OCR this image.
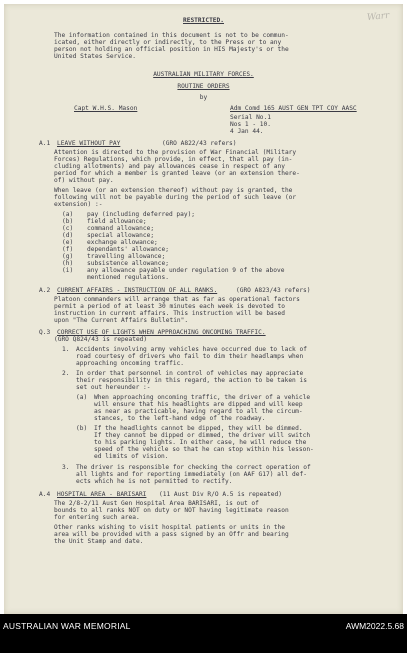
Warr
RESTRICTED.
The information contained in this document is not to be commun-
icated, either directly or indirectly, to the Press or to any
person not holding an official position in HIS Majesty's or the
United States Service.
AUSTRALIAN MILITARY FORCES.
ROUTINE ORDERS
by
Capt W.H.S. Mason	Adm Comd 165 AUST GEN TPT COY AASC
Serial No.1
Nos 1 - 10.
4 Jan 44.
A.1 LEAVE WITHOUT PAY	(GRO A822/43 refers)
Attention is directed to the provision of War Financial (Military
Forces) Regulations, which provide, in effect, that all pay (in-
cluding allotments) and pay allowances cease in respect of any
period for which a member is granted leave (or an extension there-
of) without pay.
When leave (or an extension thereof) without pay is granted, the
following will not be payable during the period of such leave (or
extension) :-
(a) pay (including deferred pay);
(b) field allowance;
(c) command allowance;
(d) special allowance;
(e) exchange allowance;
(f) dependants' allowance;
(g) travelling allowance;
(h) subsistence allowance;
(i) any allowance payable under regulation 9 of the above
mentioned regulations.
A.2 CURRENT AFFAIRS - INSTRUCTION OF ALL RANKS.	(GRO A823/43 refers)
Platoon commanders will arrange that as far as operational factors
permit a period of at least 30 minutes each week is devoted to
instruction in current affairs. This instruction will be based
upon "The Current Affairs Bulletin".
Q.3 CORRECT USE OF LIGHTS WHEN APPROACHING ONCOMING TRAFFIC.
(GRO Q824/43 is repeated)
1. Accidents involving army vehicles have occurred due to lack of
road courtesy of drivers who fail to dim their headlamps when
approaching oncoming traffic.
2. In order that personnel in control of vehicles may appreciate
their responsibility in this regard, the action to be taken is
set out hereunder :-
(a) When approaching oncoming traffic, the driver of a vehicle
will ensure that his headlights are dipped and will keep
as near as practicable, having regard to all the circum-
stances, to the left-hand edge of the roadway.
(b) If the headlights cannot be dipped, they will be dimmed.
If they cannot be dipped or dimmed, the driver will switch
to his parking lights. In either case, he will reduce the
speed of the vehicle so that he can stop within his lesson-
ed limits of vision.
3. The driver is responsible for checking the correct operation of
all lights and for reporting immediately (on AAF G17) all def-
ects which he is not permitted to rectify.
A.4 HOSPITAL AREA - BARISARI (11 Aust Div R/O A.5 is repeated)
The 2/8-2/11 Aust Gen Hospital Area BARISARI, is out of
bounds to all ranks NOT on duty or NOT having legitimate reason
for entering such area.
Other ranks wishing to visit hospital patients or units in the
area will be provided with a pass signed by an Offr and bearing
the Unit Stamp and date.
AUSTRALIAN WAR MEMORIAL	AWM2022.5.68
